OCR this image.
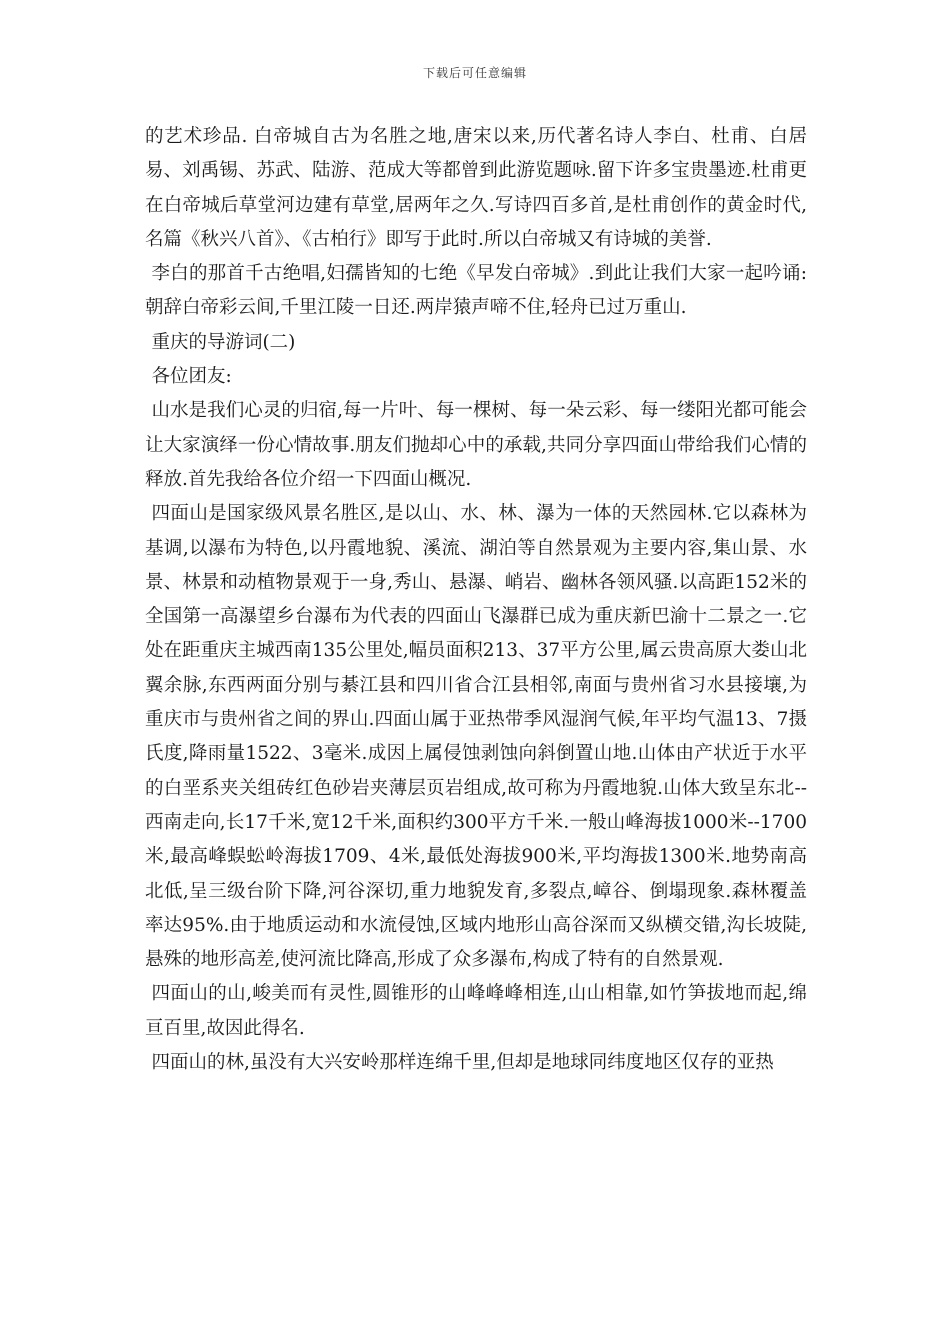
下载后可任意编辑

的艺术珍品. 白帝城自古为名胜之地,唐宋以来,历代著名诗人李白、杜甫、白居易、刘禹锡、苏武、陆游、范成大等都曾到此游览题咏.留下许多宝贵墨迹.杜甫更在白帝城后草堂河边建有草堂,居两年之久.写诗四百多首,是杜甫创作的黄金时代,名篇《秋兴八首》、《古柏行》即写于此时.所以白帝城又有诗城的美誉.

李白的那首千古绝唱,妇孺皆知的七绝《早发白帝城》.到此让我们大家一起吟诵:朝辞白帝彩云间,千里江陵一日还.两岸猿声啼不住,轻舟已过万重山.

重庆的导游词(二)

各位团友:

山水是我们心灵的归宿,每一片叶、每一棵树、每一朵云彩、每一缕阳光都可能会让大家演绎一份心情故事.朋友们抛却心中的承载,共同分享四面山带给我们心情的释放.首先我给各位介绍一下四面山概况.

四面山是国家级风景名胜区,是以山、水、林、瀑为一体的天然园林.它以森林为基调,以瀑布为特色,以丹霞地貌、溪流、湖泊等自然景观为主要内容,集山景、水景、林景和动植物景观于一身,秀山、悬瀑、峭岩、幽林各领风骚.以高距152米的全国第一高瀑望乡台瀑布为代表的四面山飞瀑群已成为重庆新巴渝十二景之一.它处在距重庆主城西南135公里处,幅员面积213、37平方公里,属云贵高原大娄山北翼余脉,东西两面分别与綦江县和四川省合江县相邻,南面与贵州省习水县接壤,为重庆市与贵州省之间的界山.四面山属于亚热带季风湿润气候,年平均气温13、7摄氏度,降雨量1522、3毫米.成因上属侵蚀剥蚀向斜倒置山地.山体由产状近于水平的白垩系夹关组砖红色砂岩夹薄层页岩组成,故可称为丹霞地貌.山体大致呈东北--西南走向,长17千米,宽12千米,面积约300平方千米.一般山峰海拔1000米--1700米,最高峰蜈蚣岭海拔1709、4米,最低处海拔900米,平均海拔1300米.地势南高北低,呈三级台阶下降,河谷深切,重力地貌发育,多裂点,嶂谷、倒塌现象.森林覆盖率达95%.由于地质运动和水流侵蚀,区域内地形山高谷深而又纵横交错,沟长坡陡,悬殊的地形高差,使河流比降高,形成了众多瀑布,构成了特有的自然景观.

四面山的山,峻美而有灵性,圆锥形的山峰峰峰相连,山山相靠,如竹笋拔地而起,绵亘百里,故因此得名.

四面山的林,虽没有大兴安岭那样连绵千里,但却是地球同纬度地区仅存的亚热
